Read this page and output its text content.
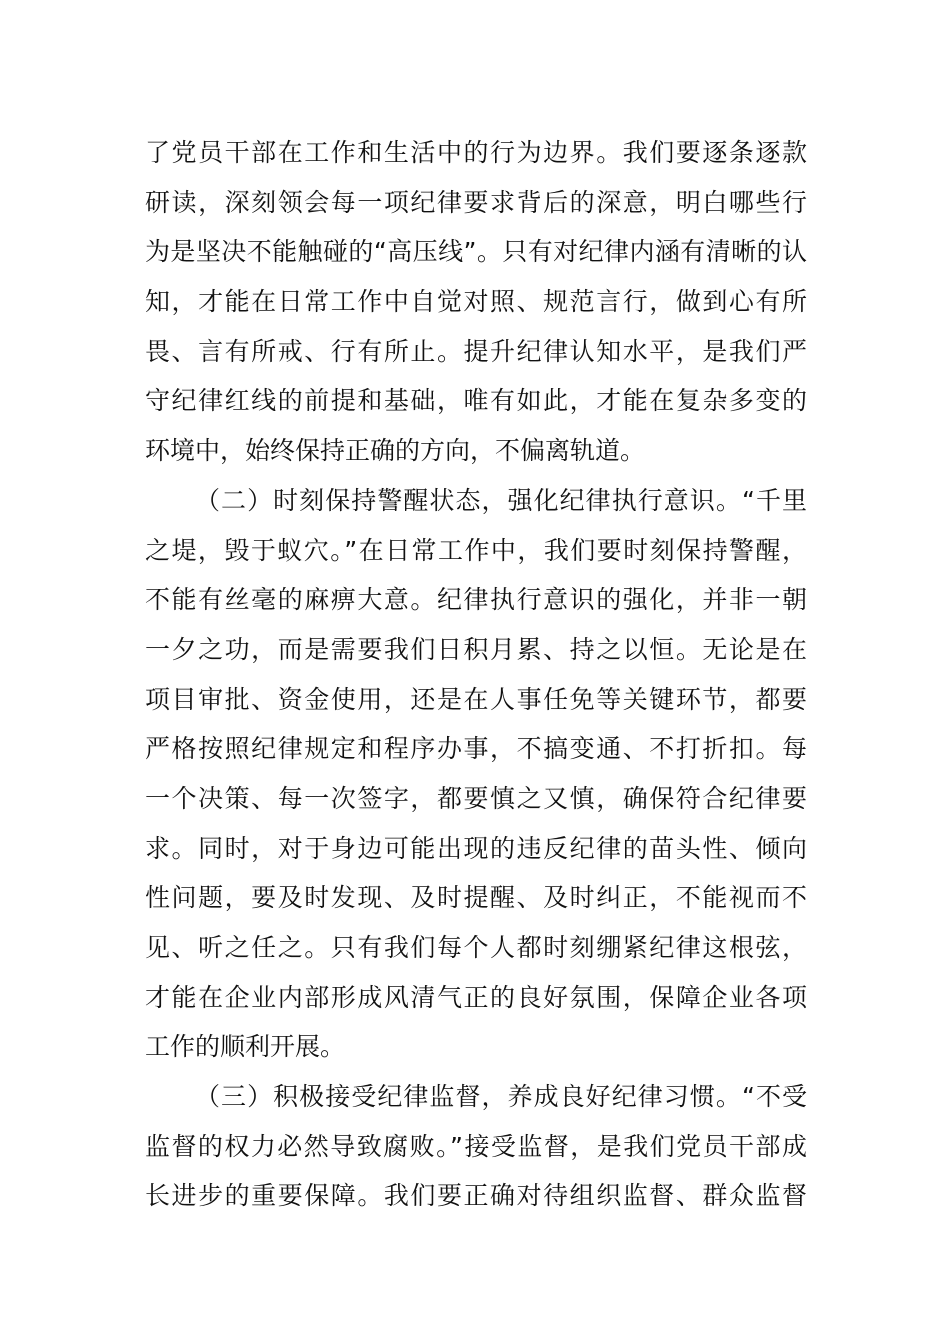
了党员干部在工作和生活中的行为边界。我们要逐条逐款
研读，深刻领会每一项纪律要求背后的深意，明白哪些行
为是坚决不能触碰的“高压线”。只有对纪律内涵有清晰的认
知，才能在日常工作中自觉对照、规范言行，做到心有所
畏、言有所戒、行有所止。提升纪律认知水平，是我们严
守纪律红线的前提和基础，唯有如此，才能在复杂多变的
环境中，始终保持正确的方向，不偏离轨道。
（二）时刻保持警醒状态，强化纪律执行意识。“千里
之堤，毁于蚁穴。”在日常工作中，我们要时刻保持警醒，
不能有丝毫的麻痹大意。纪律执行意识的强化，并非一朝
一夕之功，而是需要我们日积月累、持之以恒。无论是在
项目审批、资金使用，还是在人事任免等关键环节，都要
严格按照纪律规定和程序办事，不搞变通、不打折扣。每
一个决策、每一次签字，都要慎之又慎，确保符合纪律要
求。同时，对于身边可能出现的违反纪律的苗头性、倾向
性问题，要及时发现、及时提醒、及时纠正，不能视而不
见、听之任之。只有我们每个人都时刻绷紧纪律这根弦，
才能在企业内部形成风清气正的良好氛围，保障企业各项
工作的顺利开展。
（三）积极接受纪律监督，养成良好纪律习惯。“不受
监督的权力必然导致腐败。”接受监督，是我们党员干部成
长进步的重要保障。我们要正确对待组织监督、群众监督
